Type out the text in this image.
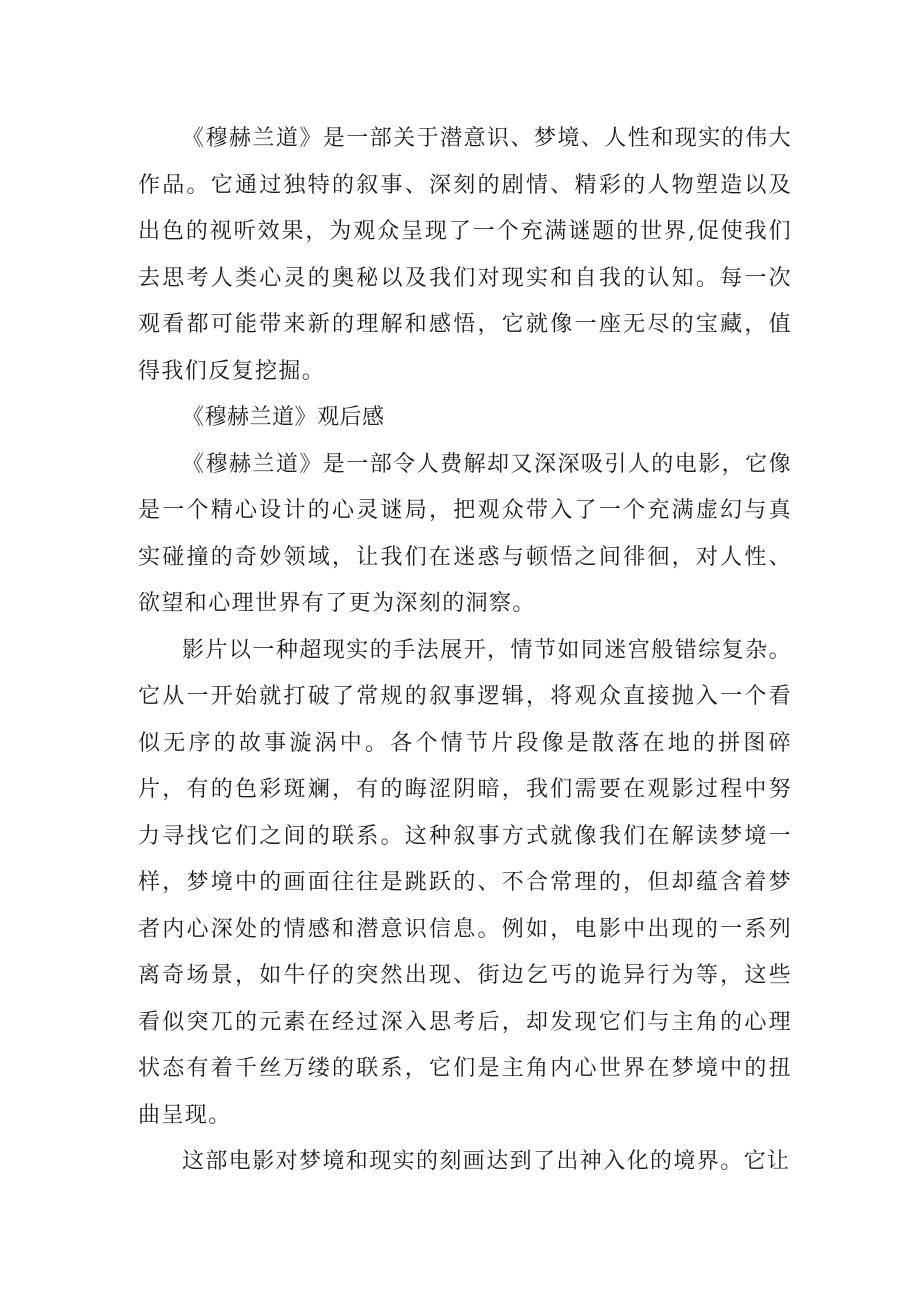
《穆赫兰道》是一部关于潜意识、梦境、人性和现实的伟大作品。它通过独特的叙事、深刻的剧情、精彩的人物塑造以及出色的视听效果，为观众呈现了一个充满谜题的世界,促使我们去思考人类心灵的奥秘以及我们对现实和自我的认知。每一次观看都可能带来新的理解和感悟，它就像一座无尽的宝藏，值得我们反复挖掘。

《穆赫兰道》观后感

《穆赫兰道》是一部令人费解却又深深吸引人的电影，它像是一个精心设计的心灵谜局，把观众带入了一个充满虚幻与真实碰撞的奇妙领域，让我们在迷惑与顿悟之间徘徊，对人性、欲望和心理世界有了更为深刻的洞察。

影片以一种超现实的手法展开，情节如同迷宫般错综复杂。它从一开始就打破了常规的叙事逻辑，将观众直接抛入一个看似无序的故事漩涡中。各个情节片段像是散落在地的拼图碎片，有的色彩斑斓，有的晦涩阴暗，我们需要在观影过程中努力寻找它们之间的联系。这种叙事方式就像我们在解读梦境一样，梦境中的画面往往是跳跃的、不合常理的，但却蕴含着梦者内心深处的情感和潜意识信息。例如，电影中出现的一系列离奇场景，如牛仔的突然出现、街边乞丐的诡异行为等，这些看似突兀的元素在经过深入思考后，却发现它们与主角的心理状态有着千丝万缕的联系，它们是主角内心世界在梦境中的扭曲呈现。

这部电影对梦境和现实的刻画达到了出神入化的境界。它让
